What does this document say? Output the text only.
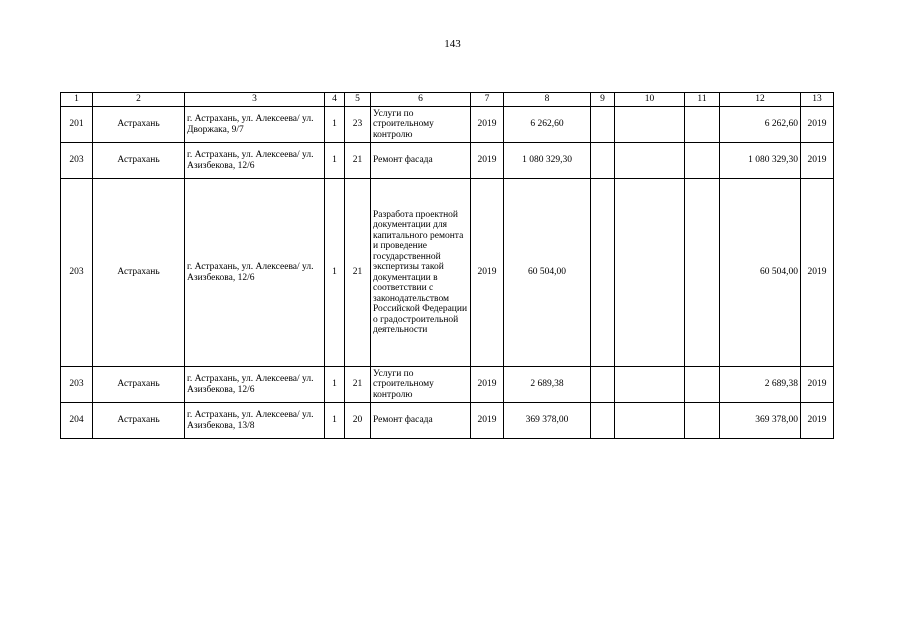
143
1	2	3	4	5	6	7	8	9	10	11	12	13
201	Астрахань	г. Астрахань, ул. Алексеева/ ул. Дворжака, 9/7	1	23	Услуги по строительному контролю	2019	6 262,60				6 262,60	2019
203	Астрахань	г. Астрахань, ул. Алексеева/ ул. Азизбекова, 12/6	1	21	Ремонт фасада	2019	1 080 329,30				1 080 329,30	2019
203	Астрахань	г. Астрахань, ул. Алексеева/ ул. Азизбекова, 12/6	1	21	Разработа проектной документации для капитального ремонта и проведение государственной экспертизы такой документации в соответствии с законодательством Российской Федерации о градостроительной деятельности	2019	60 504,00				60 504,00	2019
203	Астрахань	г. Астрахань, ул. Алексеева/ ул. Азизбекова, 12/6	1	21	Услуги по строительному контролю	2019	2 689,38				2 689,38	2019
204	Астрахань	г. Астрахань, ул. Алексеева/ ул. Азизбекова, 13/8	1	20	Ремонт фасада	2019	369 378,00				369 378,00	2019
